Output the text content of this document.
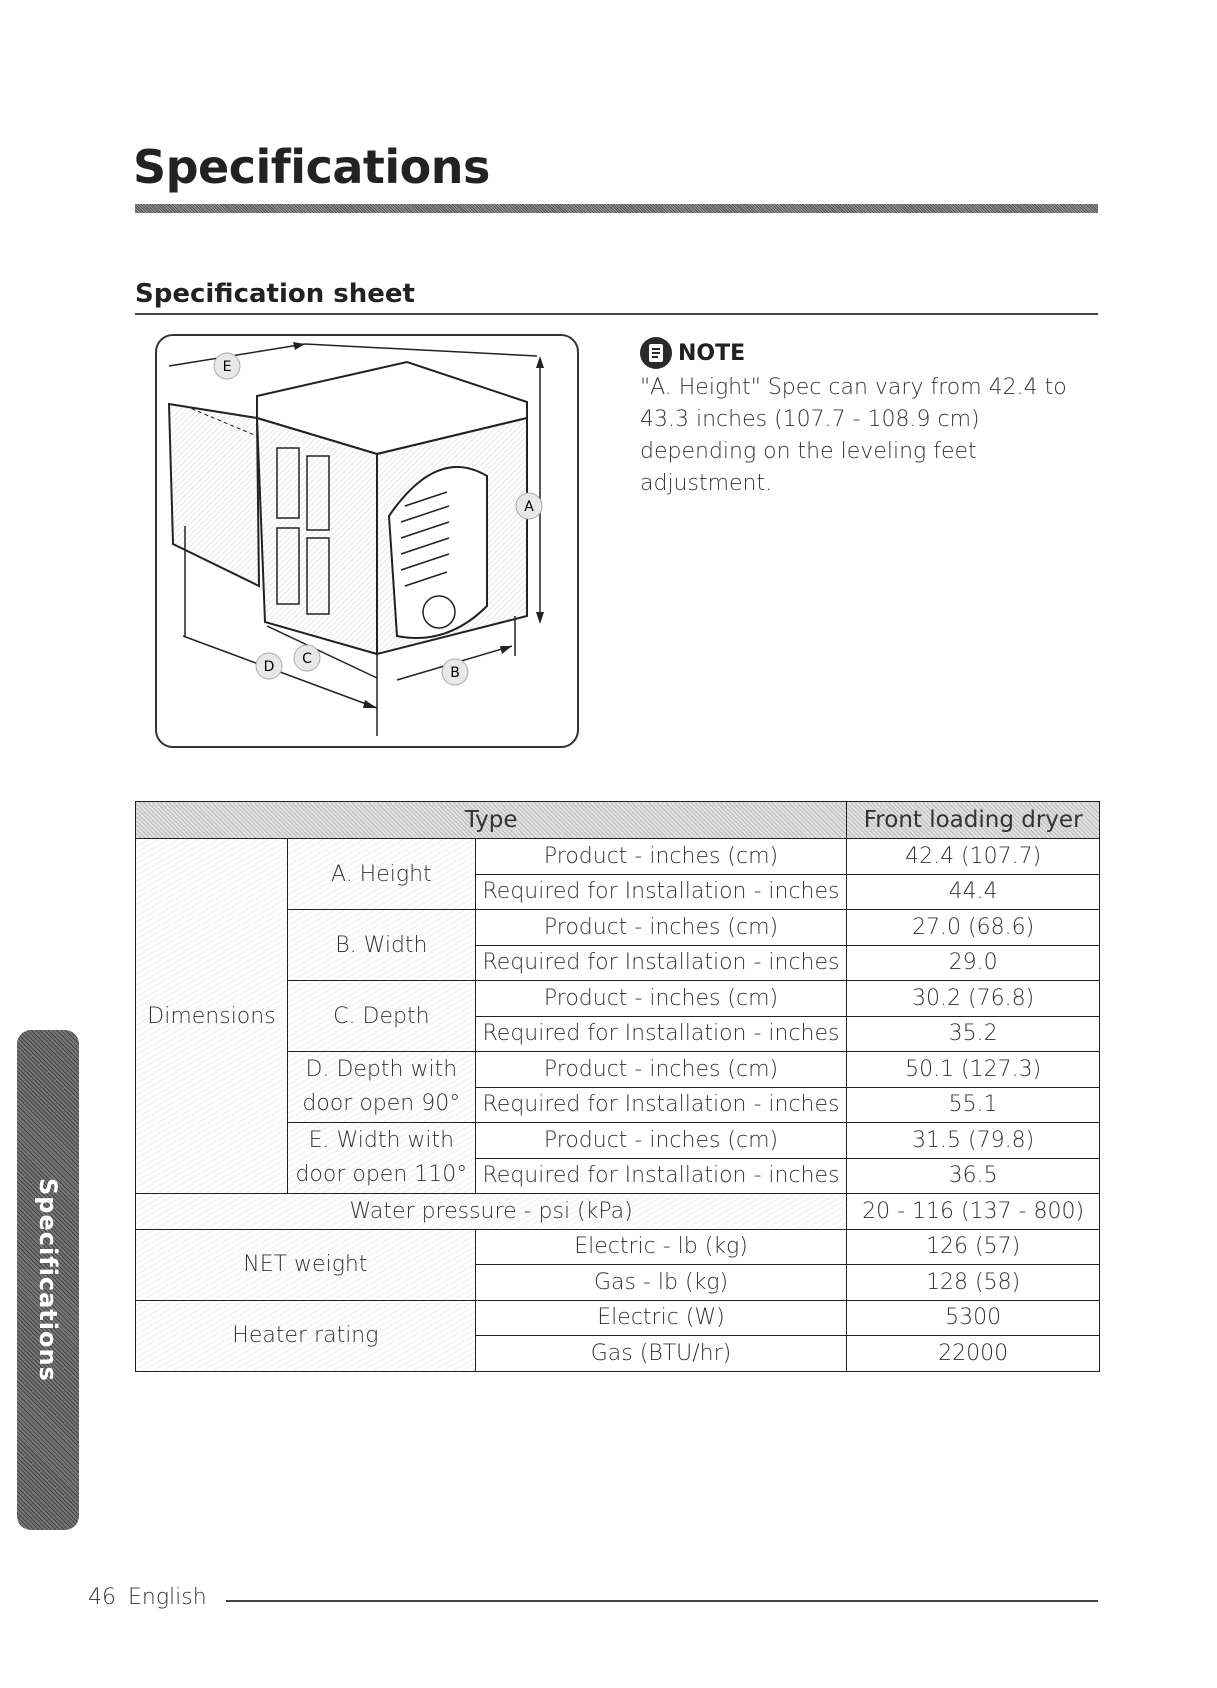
Specifications
Specification sheet
E
A
D C
B
NOTE
"A. Height" Spec can vary from 42.4 to 43.3 inches (107.7 - 108.9 cm) depending on the leveling feet adjustment.
Type			Front loading dryer
Dimensions	A. Height	Product - inches (cm)	42.4 (107.7)
		Required for Installation - inches	44.4
	B. Width	Product - inches (cm)	27.0 (68.6)
		Required for Installation - inches	29.0
	C. Depth	Product - inches (cm)	30.2 (76.8)
		Required for Installation - inches	35.2
	D. Depth with door open 90°	Product - inches (cm)	50.1 (127.3)
		Required for Installation - inches	55.1
	E. Width with door open 110°	Product - inches (cm)	31.5 (79.8)
		Required for Installation - inches	36.5
Water pressure - psi (kPa)			20 - 116 (137 - 800)
NET weight		Electric - lb (kg)	126 (57)
		Gas - lb (kg)	128 (58)
Heater rating		Electric (W)	5300
		Gas (BTU/hr)	22000
Specifications
46 English
